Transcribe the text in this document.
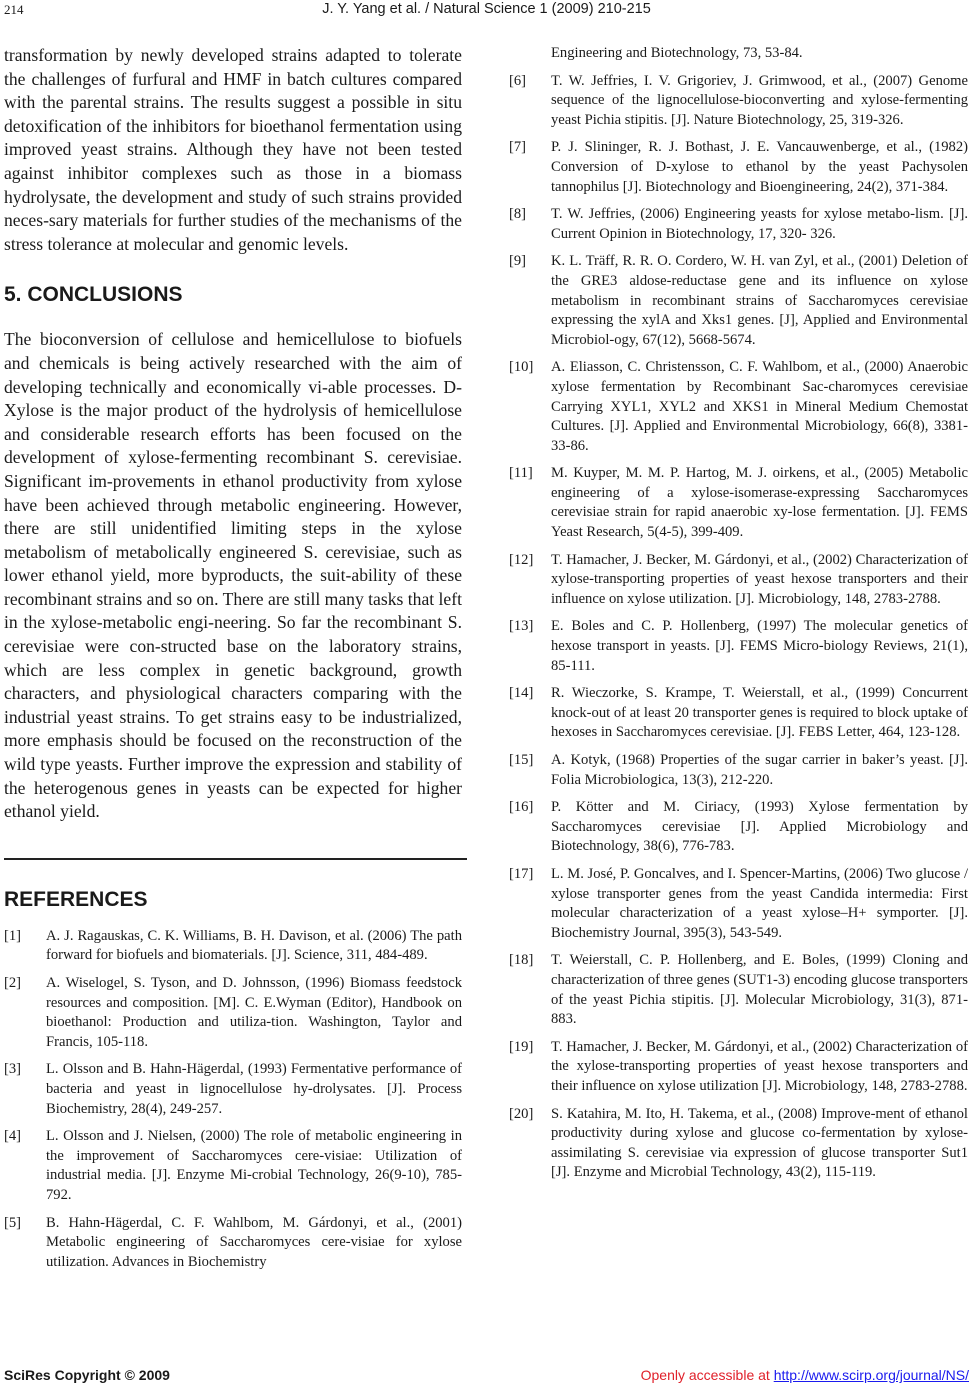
214	J. Y. Yang et al. / Natural Science 1 (2009) 210-215

transformation by newly developed strains adapted to tolerate the challenges of furfural and HMF in batch cultures compared with the parental strains. The results suggest a possible in situ detoxification of the inhibitors for bioethanol fermentation using improved yeast strains. Although they have not been tested against inhibitor complexes such as those in a biomass hydrolysate, the development and study of such strains provided neces-sary materials for further studies of the mechanisms of the stress tolerance at molecular and genomic levels.

5. CONCLUSIONS

The bioconversion of cellulose and hemicellulose to biofuels and chemicals is being actively researched with the aim of developing technically and economically vi-able processes. D-Xylose is the major product of the hydrolysis of hemicellulose and considerable research efforts has been focused on the development of xylose-fermenting recombinant S. cerevisiae. Significant im-provements in ethanol productivity from xylose have been achieved through metabolic engineering. However, there are still unidentified limiting steps in the xylose metabolism of metabolically engineered S. cerevisiae, such as lower ethanol yield, more byproducts, the suit-ability of these recombinant strains and so on. There are still many tasks that left in the xylose-metabolic engi-neering. So far the recombinant S. cerevisiae were con-structed base on the laboratory strains, which are less complex in genetic background, growth characters, and physiological characters comparing with the industrial yeast strains. To get strains easy to be industrialized, more emphasis should be focused on the reconstruction of the wild type yeasts. Further improve the expression and stability of the heterogenous genes in yeasts can be expected for higher ethanol yield.

REFERENCES
[1]	A. J. Ragauskas, C. K. Williams, B. H. Davison, et al. (2006) The path forward for biofuels and biomaterials. [J]. Science, 311, 484-489.
[2]	A. Wiselogel, S. Tyson, and D. Johnsson, (1996) Biomass feedstock resources and composition. [M]. C. E.Wyman (Editor), Handbook on bioethanol: Production and utiliza-tion. Washington, Taylor and Francis, 105-118.
[3]	L. Olsson and B. Hahn-Hägerdal, (1993) Fermentative performance of bacteria and yeast in lignocellulose hy-drolysates. [J]. Process Biochemistry, 28(4), 249-257.
[4]	L. Olsson and J. Nielsen, (2000) The role of metabolic engineering in the improvement of Saccharomyces cere-visiae: Utilization of industrial media. [J]. Enzyme Mi-crobial Technology, 26(9-10), 785-792.
[5]	B. Hahn-Hägerdal, C. F. Wahlbom, M. Gárdonyi, et al., (2001) Metabolic engineering of Saccharomyces cere-visiae for xylose utilization. Advances in Biochemistry
Engineering and Biotechnology, 73, 53-84.
[6]	T. W. Jeffries, I. V. Grigoriev, J. Grimwood, et al., (2007) Genome sequence of the lignocellulose-bioconverting and xylose-fermenting yeast Pichia stipitis. [J]. Nature Biotechnology, 25, 319-326.
[7]	P. J. Slininger, R. J. Bothast, J. E. Vancauwenberge, et al., (1982) Conversion of D-xylose to ethanol by the yeast Pachysolen tannophilus [J]. Biotechnology and Bioengineering, 24(2), 371-384.
[8]	T. W. Jeffries, (2006) Engineering yeasts for xylose metabo-lism. [J]. Current Opinion in Biotechnology, 17, 320- 326.
[9]	K. L. Träff, R. R. O. Cordero, W. H. van Zyl, et al., (2001) Deletion of the GRE3 aldose-reductase gene and its influence on xylose metabolism in recombinant strains of Saccharomyces cerevisiae expressing the xylA and Xks1 genes. [J], Applied and Environmental Microbiol-ogy, 67(12), 5668-5674.
[10]	A. Eliasson, C. Christensson, C. F. Wahlbom, et al., (2000) Anaerobic xylose fermentation by Recombinant Sac-charomyces cerevisiae Carrying XYL1, XYL2 and XKS1 in Mineral Medium Chemostat Cultures. [J]. Applied and Environmental Microbiology, 66(8), 3381-33-86.
[11]	M. Kuyper, M. M. P. Hartog, M. J. oirkens, et al., (2005) Metabolic engineering of a xylose-isomerase-expressing Saccharomyces cerevisiae strain for rapid anaerobic xy-lose fermentation. [J]. FEMS Yeast Research, 5(4-5), 399-409.
[12]	T. Hamacher, J. Becker, M. Gárdonyi, et al., (2002) Characterization of xylose-transporting properties of yeast hexose transporters and their influence on xylose utilization. [J]. Microbiology, 148, 2783-2788.
[13]	E. Boles and C. P. Hollenberg, (1997) The molecular genetics of hexose transport in yeasts. [J]. FEMS Micro-biology Reviews, 21(1), 85-111.
[14]	R. Wieczorke, S. Krampe, T. Weierstall, et al., (1999) Concurrent knock-out of at least 20 transporter genes is required to block uptake of hexoses in Saccharomyces cerevisiae. [J]. FEBS Letter, 464, 123-128.
[15]	A. Kotyk, (1968) Properties of the sugar carrier in baker’s yeast. [J]. Folia Microbiologica, 13(3), 212-220.
[16]	P. Kötter and M. Ciriacy, (1993) Xylose fermentation by Saccharomyces cerevisiae [J]. Applied Microbiology and Biotechnology, 38(6), 776-783.
[17]	L. M. José, P. Goncalves, and I. Spencer-Martins, (2006) Two glucose / xylose transporter genes from the yeast Candida intermedia: First molecular characterization of a yeast xylose–H+ symporter. [J]. Biochemistry Journal, 395(3), 543-549.
[18]	T. Weierstall, C. P. Hollenberg, and E. Boles, (1999) Cloning and characterization of three genes (SUT1-3) encoding glucose transporters of the yeast Pichia stipitis. [J]. Molecular Microbiology, 31(3), 871-883.
[19]	T. Hamacher, J. Becker, M. Gárdonyi, et al., (2002) Characterization of the xylose-transporting properties of yeast hexose transporters and their influence on xylose utilization [J]. Microbiology, 148, 2783-2788.
[20]	S. Katahira, M. Ito, H. Takema, et al., (2008) Improve-ment of ethanol productivity during xylose and glucose co-fermentation by xylose-assimilating S. cerevisiae via expression of glucose transporter Sut1 [J]. Enzyme and Microbial Technology, 43(2), 115-119.
SciRes Copyright © 2009	Openly accessible at http://www.scirp.org/journal/NS/
